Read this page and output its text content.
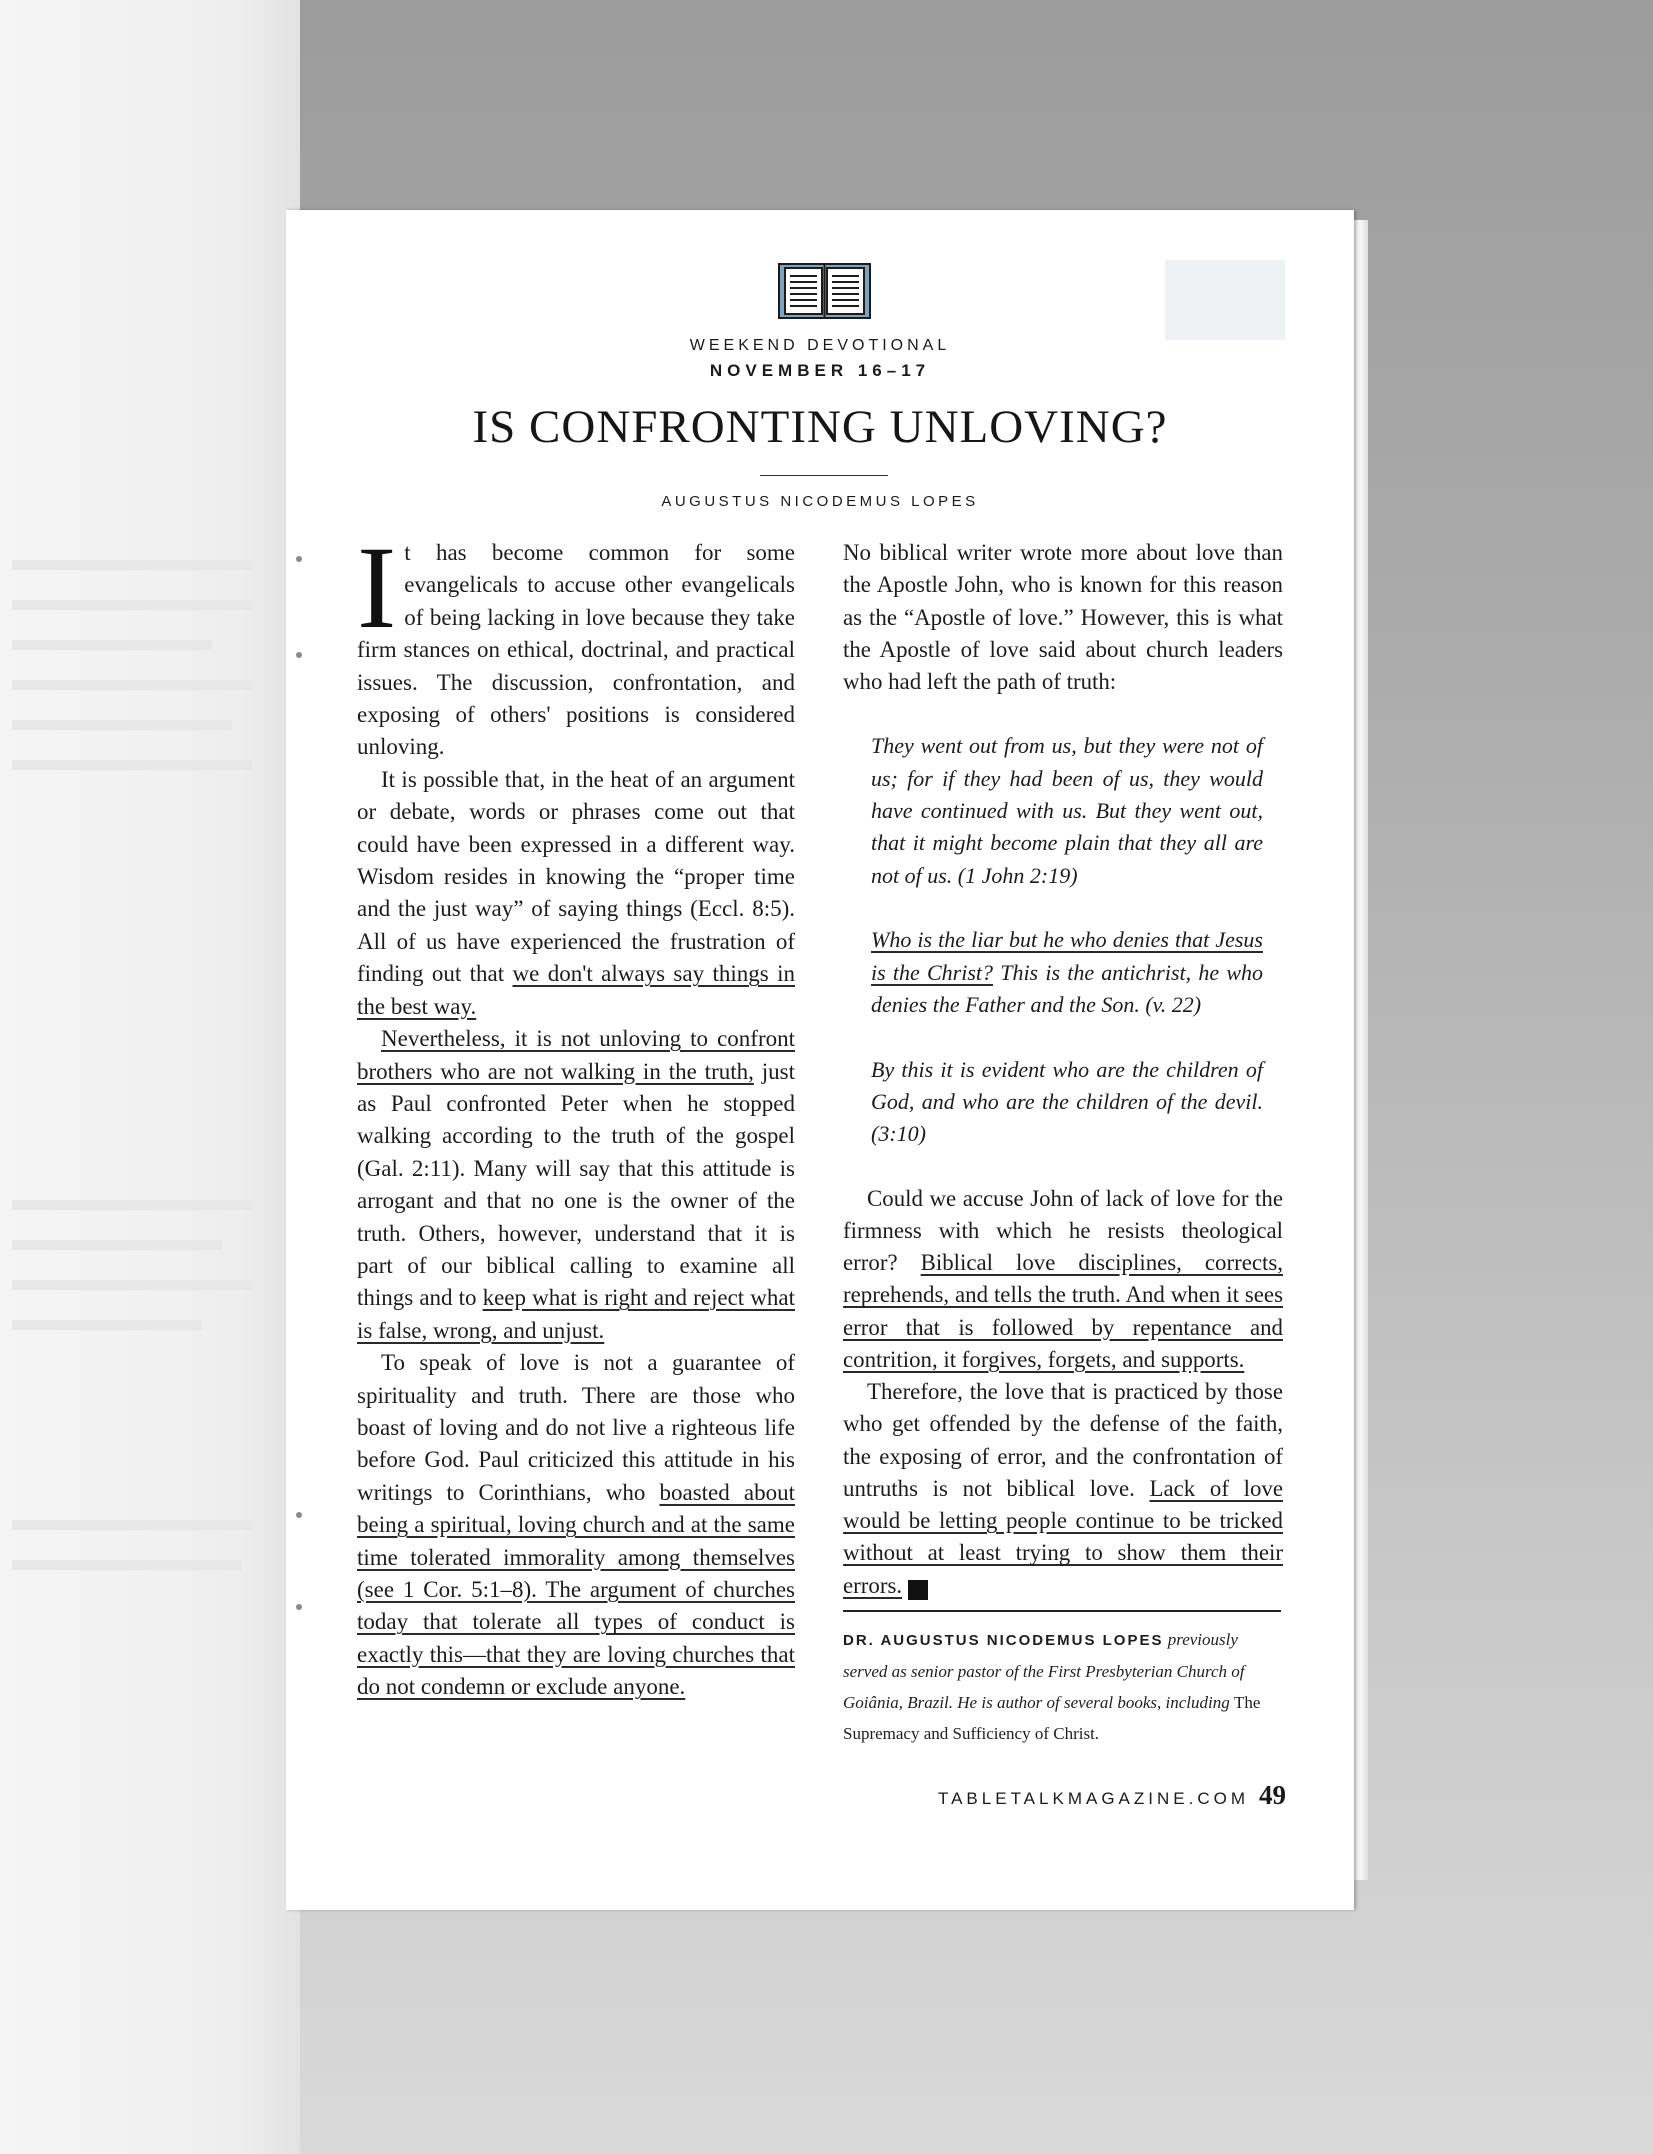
WEEKEND DEVOTIONAL
NOVEMBER 16–17
IS CONFRONTING UNLOVING?
AUGUSTUS NICODEMUS LOPES

It has become common for some evangelicals to accuse other evangelicals of being lacking in love because they take firm stances on ethical, doctrinal, and practical issues. The discussion, confrontation, and exposing of others' positions is considered unloving.

It is possible that, in the heat of an argument or debate, words or phrases come out that could have been expressed in a different way. Wisdom resides in knowing the “proper time and the just way” of saying things (Eccl. 8:5). All of us have experienced the frustration of finding out that we don't always say things in the best way.

Nevertheless, it is not unloving to confront brothers who are not walking in the truth, just as Paul confronted Peter when he stopped walking according to the truth of the gospel (Gal. 2:11). Many will say that this attitude is arrogant and that no one is the owner of the truth. Others, however, understand that it is part of our biblical calling to examine all things and to keep what is right and reject what is false, wrong, and unjust.

To speak of love is not a guarantee of spirituality and truth. There are those who boast of loving and do not live a righteous life before God. Paul criticized this attitude in his writings to Corinthians, who boasted about being a spiritual, loving church and at the same time tolerated immorality among themselves (see 1 Cor. 5:1–8). The argument of churches today that tolerate all types of conduct is exactly this—that they are loving churches that do not condemn or exclude anyone.

No biblical writer wrote more about love than the Apostle John, who is known for this reason as the “Apostle of love.” However, this is what the Apostle of love said about church leaders who had left the path of truth:

They went out from us, but they were not of us; for if they had been of us, they would have continued with us. But they went out, that it might become plain that they all are not of us. (1 John 2:19)

Who is the liar but he who denies that Jesus is the Christ? This is the antichrist, he who denies the Father and the Son. (v. 22)

By this it is evident who are the children of God, and who are the children of the devil. (3:10)

Could we accuse John of lack of love for the firmness with which he resists theological error? Biblical love disciplines, corrects, reprehends, and tells the truth. And when it sees error that is followed by repentance and contrition, it forgives, forgets, and supports.

Therefore, the love that is practiced by those who get offended by the defense of the faith, the exposing of error, and the confrontation of untruths is not biblical love. Lack of love would be letting people continue to be tricked without at least trying to show them their errors. T

DR. AUGUSTUS NICODEMUS LOPES previously served as senior pastor of the First Presbyterian Church of Goiânia, Brazil. He is author of several books, including The Supremacy and Sufficiency of Christ.
TABLETALKMAGAZINE.COM 49
